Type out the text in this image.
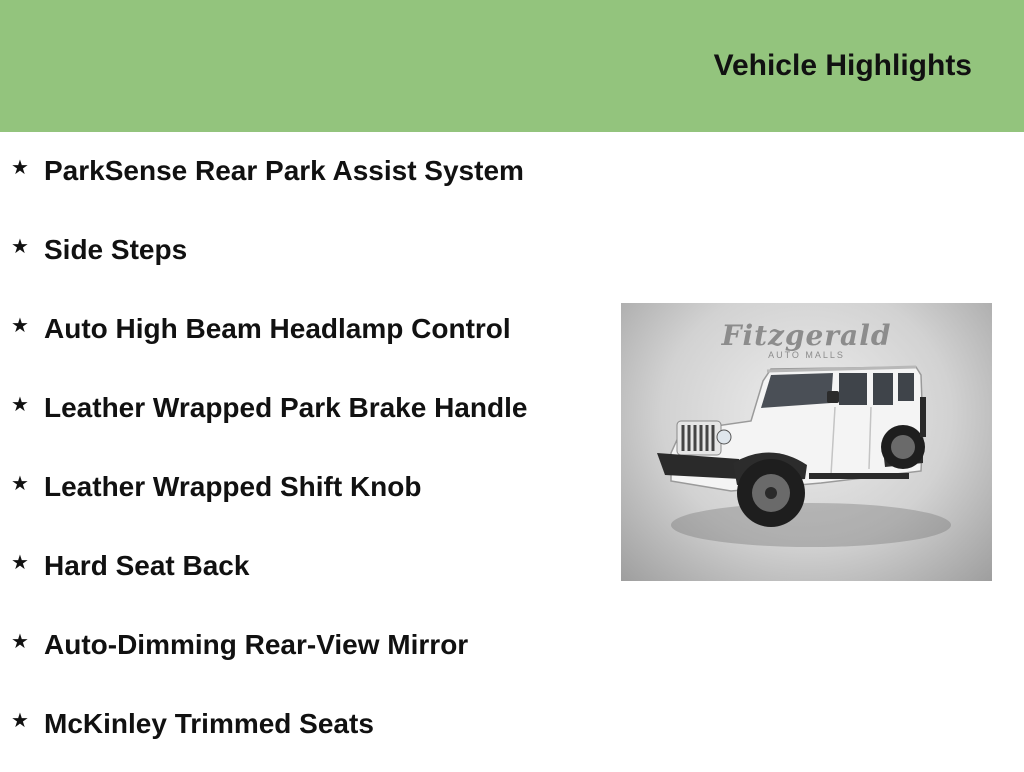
Vehicle Highlights
★ ParkSense Rear Park Assist System
★ Side Steps
★ Auto High Beam Headlamp Control
★ Leather Wrapped Park Brake Handle
★ Leather Wrapped Shift Knob
★ Hard Seat Back
★ Auto-Dimming Rear-View Mirror
★ McKinley Trimmed Seats
Fitzgerald
AUTO MALLS
